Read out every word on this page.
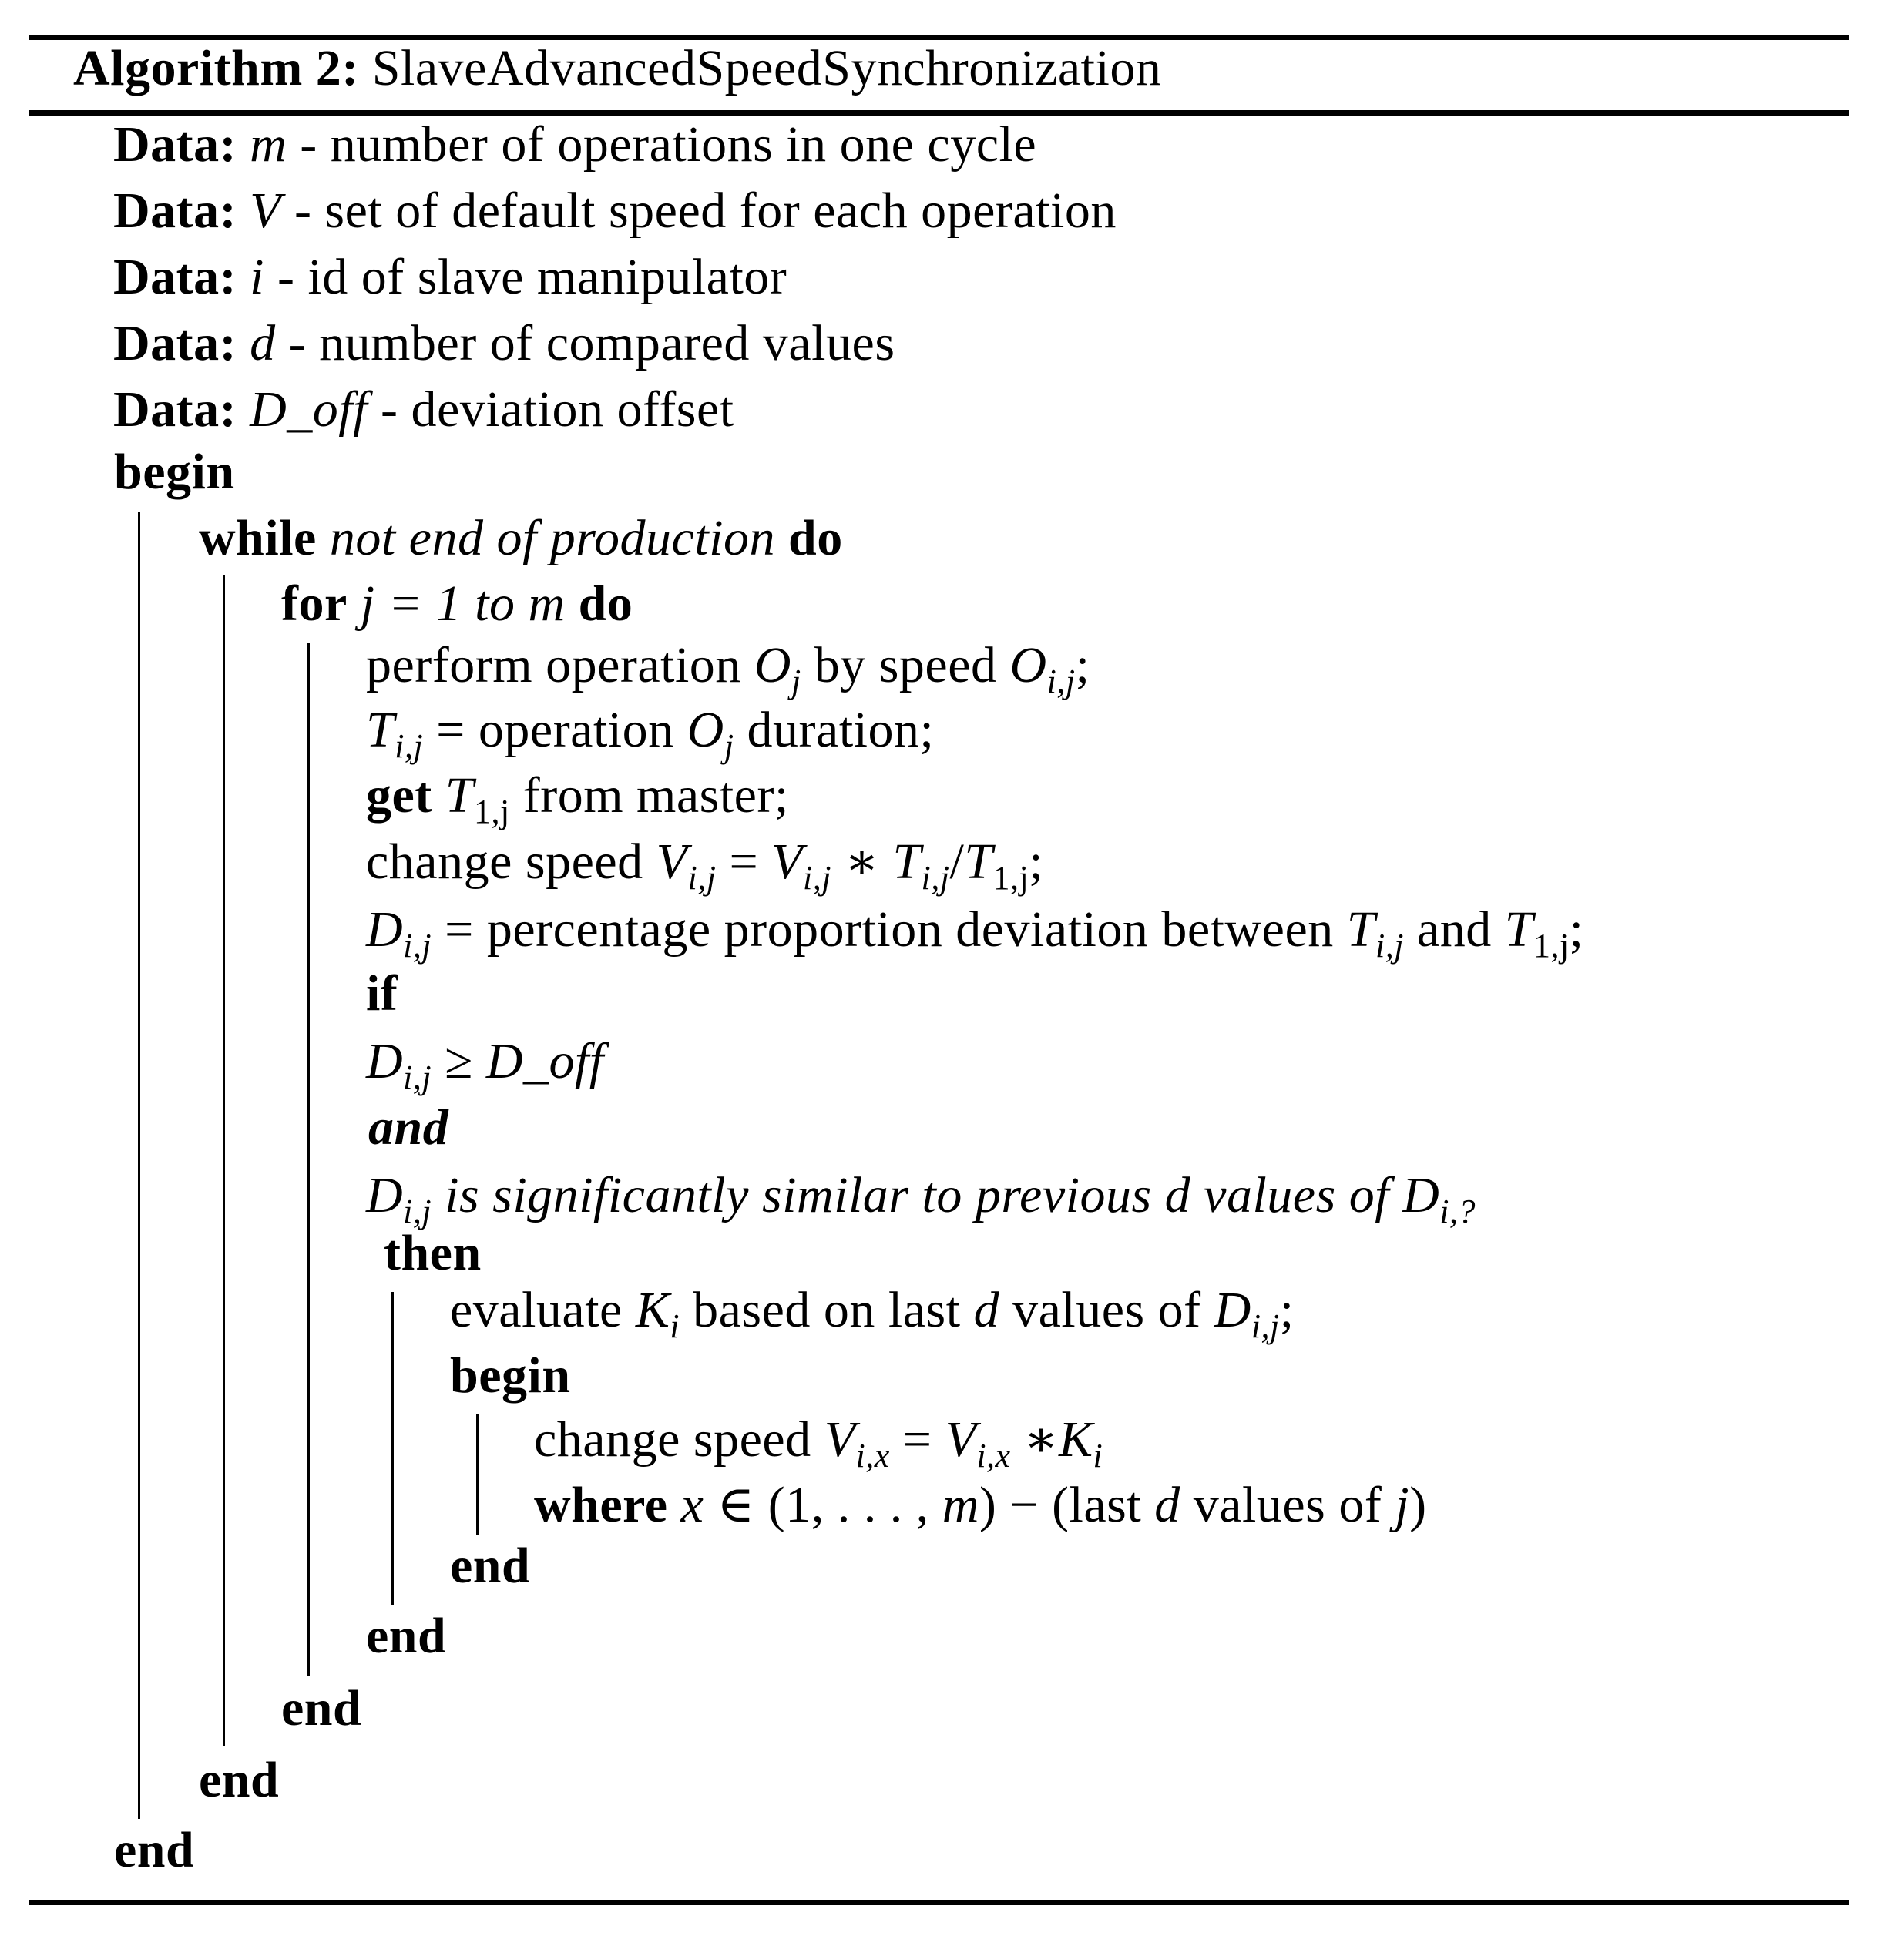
Algorithm 2: SlaveAdvancedSpeedSynchronization
Data: m - number of operations in one cycle
Data: V - set of default speed for each operation
Data: i - id of slave manipulator
Data: d - number of compared values
Data: D_off - deviation offset
begin
while not end of production do
for j = 1 to m do
perform operation $O_j$ by speed $O_{i,j}$;
$T_{i,j}$ = operation $O_j$ duration;
get $T_{1,j}$ from master;
change speed $V_{i,j} = V_{i,j}$ ∗ $T_{i,j}/T_{1,j}$;
$D_{i,j}$ = percentage proportion deviation between $T_{i,j}$ and $T_{1,j}$;
if
$D_{i,j}$ ≥ D_off
and
$D_{i,j}$ is significantly similar to previous d values of $D_{i,?}$
then
evaluate $K_i$ based on last d values of $D_{i,j}$;
begin
change speed $V_{i,x} = V_{i,x}$ $∗K_i$
where x ∈ (1, . . . , m) − (last d values of j)
end
end
end
end
end
